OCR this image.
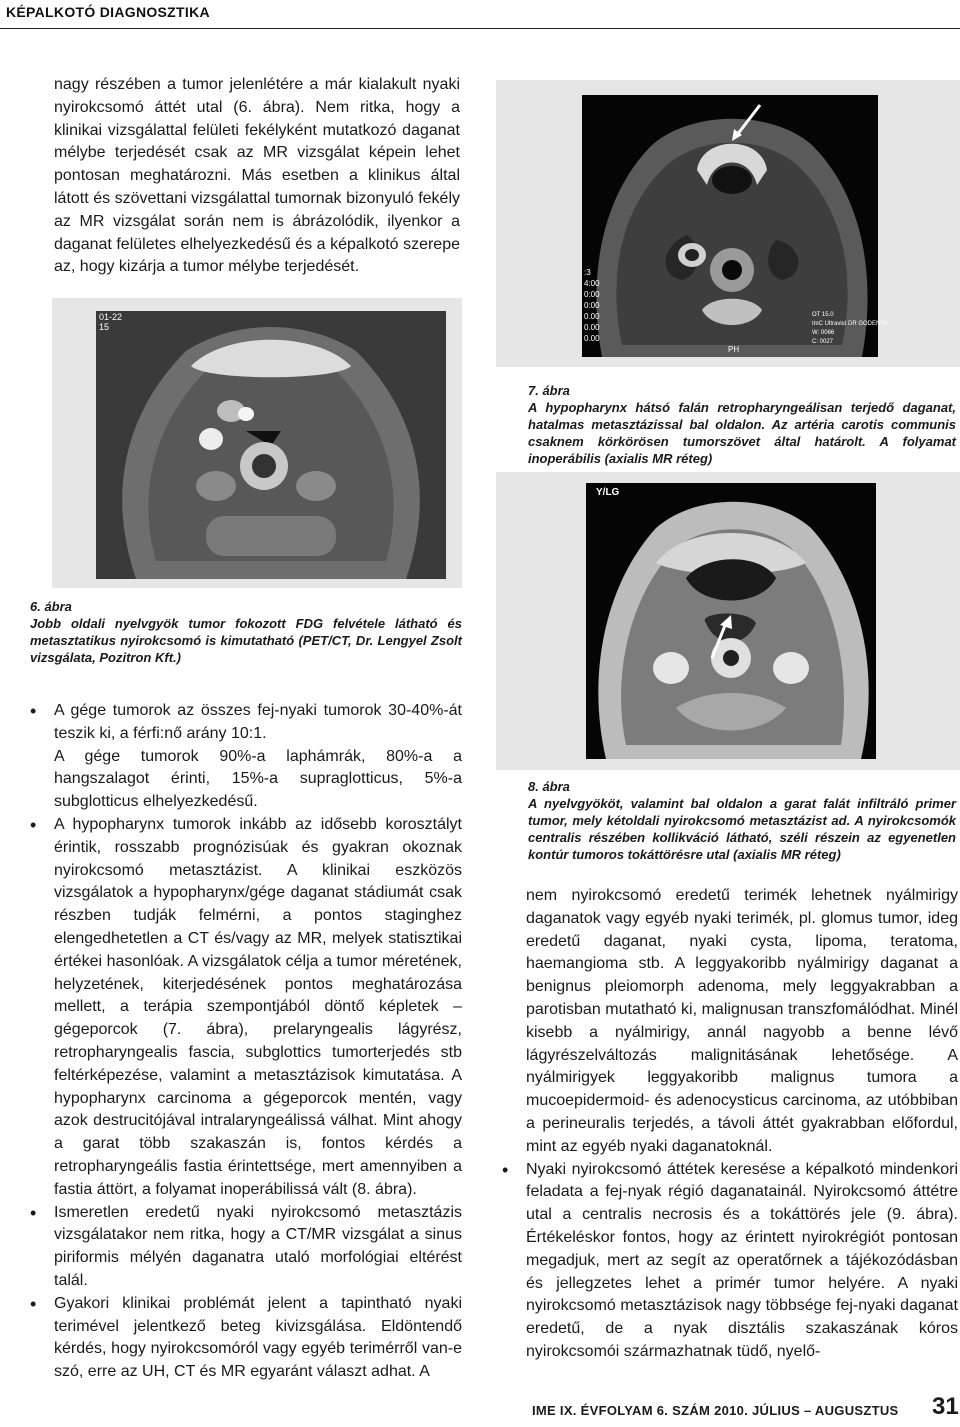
KÉPALKOTÓ DIAGNOSZTIKA

nagy részében a tumor jelenlétére a már kialakult nyaki nyirokcsomó áttét utal (6. ábra). Nem ritka, hogy a klinikai vizsgálattal felületi fekélyként mutatkozó daganat mélybe terjedését csak az MR vizsgálat képein lehet pontosan meghatározni. Más esetben a klinikus által látott és szövettani vizsgálattal tumornak bizonyuló fekély az MR vizsgálat során nem is ábrázolódik, ilyenkor a daganat felületes elhelyezkedésű és a képalkotó szerepe az, hogy kizárja a tumor mélybe terjedését.

01-22
15
6. ábra
Jobb oldali nyelvgyök tumor fokozott FDG felvétele látható és metasztatikus nyirokcsomó is kimutatható (PET/CT, Dr. Lengyel Zsolt vizsgálata, Pozitron Kft.)
:3
4:00
0:00
0:00
0.00
0.00
0.00
OT 15.0
ImC Ultravist DR GODENYA
W: 0066
C: 0027
PH
7. ábra
A hypopharynx hátsó falán retropharyngeálisan terjedő daganat, hatalmas metasztázissal bal oldalon. Az artéria carotis communis csaknem körkörösen tumorszövet által határolt. A folyamat inoperábilis (axialis MR réteg)
Y/LG
8. ábra
A nyelvgyököt, valamint bal oldalon a garat falát infiltráló primer tumor, mely kétoldali nyirokcsomó metasztázist ad. A nyirokcsomók centralis részében kollikváció látható, széli részein az egyenetlen kontúr tumoros tokáttörésre utal (axialis MR réteg)
• A gége tumorok az összes fej-nyaki tumorok 30-40%-át teszik ki, a férfi:nő arány 10:1.

A gége tumorok 90%-a laphámrák, 80%-a a hangszalagot érinti, 15%-a supraglotticus, 5%-a subglotticus elhelyezkedésű.

• A hypopharynx tumorok inkább az idősebb korosztályt érintik, rosszabb prognózisúak és gyakran okoznak nyirokcsomó metasztázist. A klinikai eszközös vizsgálatok a hypopharynx/gége daganat stádiumát csak részben tudják felmérni, a pontos staginghez elengedhetetlen a CT és/vagy az MR, melyek statisztikai értékei hasonlóak. A vizsgálatok célja a tumor méretének, helyzetének, kiterjedésének pontos meghatározása mellett, a terápia szempontjából döntő képletek – gégeporcok (7. ábra), prelaryngealis lágyrész, retropharyngealis fascia, subglottics tumorterjedés stb feltérképezése, valamint a metasztázisok kimutatása. A hypopharynx carcinoma a gégeporcok mentén, vagy azok destrucitójával intralaryngeálissá válhat. Mint ahogy a garat több szakaszán is, fontos kérdés a retropharyngeális fastia érintettsége, mert amennyiben a fastia áttört, a folyamat inoperábilissá vált (8. ábra).
• Ismeretlen eredetű nyaki nyirokcsomó metasztázis vizsgálatakor nem ritka, hogy a CT/MR vizsgálat a sinus piriformis mélyén daganatra utaló morfológiai eltérést talál.
• Gyakori klinikai problémát jelent a tapintható nyaki terimével jelentkező beteg kivizsgálása. Eldöntendő kérdés, hogy nyirokcsomóról vagy egyéb terimérről van-e szó, erre az UH, CT és MR egyaránt választ adhat. A

nem nyirokcsomó eredetű terimék lehetnek nyálmirigy daganatok vagy egyéb nyaki terimék, pl. glomus tumor, ideg eredetű daganat, nyaki cysta, lipoma, teratoma, haemangioma stb. A leggyakoribb nyálmirigy daganat a benignus pleiomorph adenoma, mely leggyakrabban a parotisban mutatható ki, malignusan transzfomálódhat. Minél kisebb a nyálmirigy, annál nagyobb a benne lévő lágyrészelváltozás malignitásának lehetősége. A nyálmirigyek leggyakoribb malignus tumora a mucoepidermoid- és adenocysticus carcinoma, az utóbbiban a perineuralis terjedés, a távoli áttét gyakrabban előfordul, mint az egyéb nyaki daganatoknál.

• Nyaki nyirokcsomó áttétek keresése a képalkotó mindenkori feladata a fej-nyak régió daganatainál. Nyirokcsomó áttétre utal a centralis necrosis és a tokáttörés jele (9. ábra). Értékeléskor fontos, hogy az érintett nyirokrégiót pontosan megadjuk, mert az segít az operatőrnek a tájékozódásban és jellegzetes lehet a primér tumor helyére. A nyaki nyirokcsomó metasztázisok nagy többsége fej-nyaki daganat eredetű, de a nyak disztális szakaszának kóros nyirokcsomói származhatnak tüdő, nyelő-
IME IX. ÉVFOLYAM 6. SZÁM 2010. JÚLIUS – AUGUSZTUS 31
